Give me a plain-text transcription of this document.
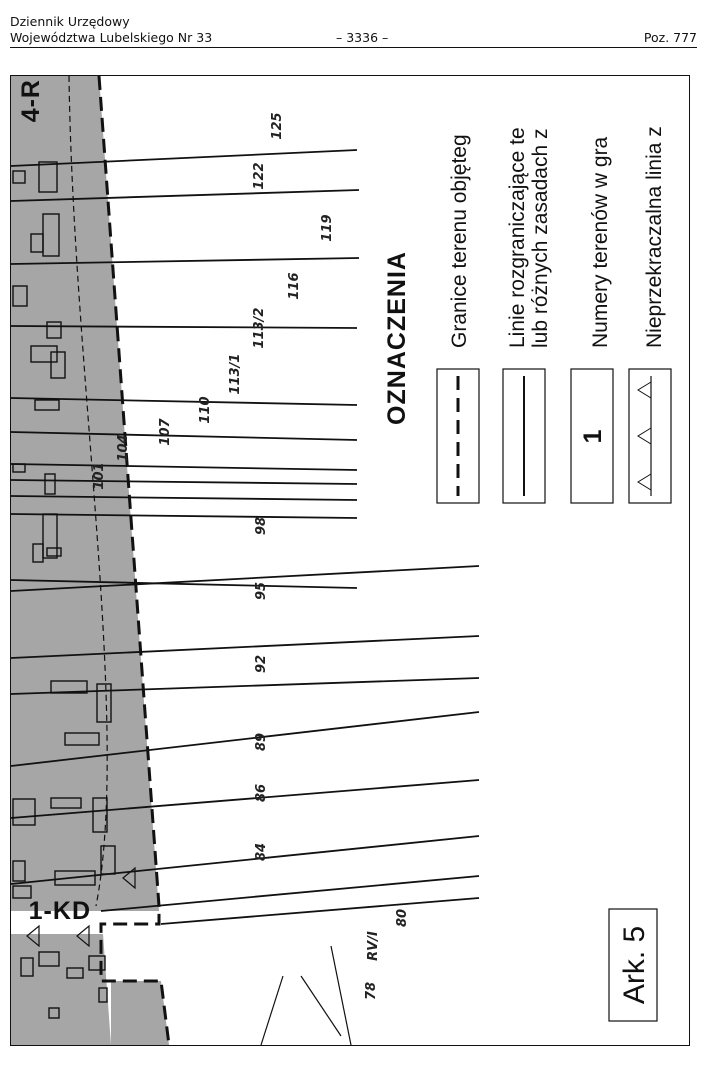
Dziennik Urzędowy
Województwa Lubelskiego Nr 33	– 3336 –	Poz. 777
4-R
1-KD
125
122
119
116
113/2
113/1
110
107
104
101
98
95
92
89
86
84
80
78
RV/I
OZNACZENIA
1
Granice terenu objęteg Linie rozgraniczające te lub różnych zasadach z Numery terenów w gra Nieprzekraczalna linia z
Ark. 5
